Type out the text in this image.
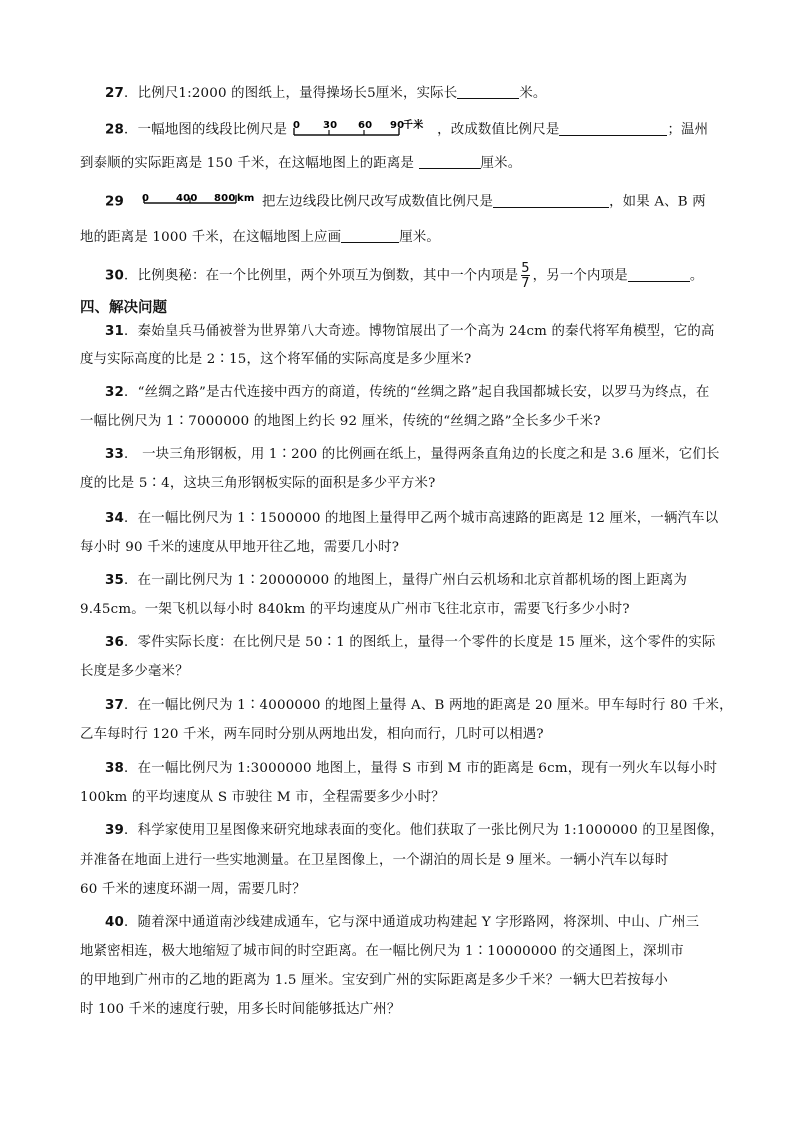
27．比例尺1:2000 的图纸上，量得操场长5厘米，实际长	米。
28．一幅地图的线段比例尺是 0 30 60 90
千米 ，改成数值比例尺是	；温州
到泰顺的实际距离是 150 千米，在这幅地图上的距离是	厘米。
29 0	400 800 km 把左边线段比例尺改写成数值比例尺是	，如果 A、B 两
地的距离是 1000 千米，在这幅地图上应画	厘米。
30．比例奥秘：在一个比例里，两个外项互为倒数，其中一个内项是 $\frac{5}{7}$ ，另一个内项是	。
四、解决问题
31．秦始皇兵马俑被誉为世界第八大奇迹。博物馆展出了一个高为 24cm 的秦代将军角模型，它的高
度与实际高度的比是 2∶15，这个将军俑的实际高度是多少厘米?
32．“丝绸之路”是古代连接中西方的商道，传统的“丝绸之路”起自我国都城长安，以罗马为终点，在
一幅比例尺为 1∶7000000 的地图上约长 92 厘米，传统的“丝绸之路”全长多少千米?
33． 一块三角形钢板，用 1∶200 的比例画在纸上，量得两条直角边的长度之和是 3.6 厘米，它们长
度的比是 5∶4，这块三角形钢板实际的面积是多少平方米?
34．在一幅比例尺为 1∶1500000 的地图上量得甲乙两个城市高速路的距离是 12 厘米，一辆汽车以
每小时 90 千米的速度从甲地开往乙地，需要几小时?
35．在一副比例尺为 1∶20000000 的地图上，量得广州白云机场和北京首都机场的图上距离为
9.45cm。一架飞机以每小时 840km 的平均速度从广州市飞往北京市，需要飞行多少小时?
36．零件实际长度：在比例尺是 50∶1 的图纸上，量得一个零件的长度是 15 厘米，这个零件的实际
长度是多少毫米？
37．在一幅比例尺为 1∶4000000 的地图上量得 A、B 两地的距离是 20 厘米。甲车每时行 80 千米，
乙车每时行 120 千米，两车同时分别从两地出发，相向而行，几时可以相遇?
38．在一幅比例尺为 1:3000000 地图上，量得 S 市到 M 市的距离是 6cm，现有一列火车以每小时
100km 的平均速度从 S 市驶往 M 市，全程需要多少小时？
39．科学家使用卫星图像来研究地球表面的变化。他们获取了一张比例尺为 1:1000000 的卫星图像，
并准备在地面上进行一些实地测量。在卫星图像上，一个湖泊的周长是 9 厘米。一辆小汽车以每时
60 千米的速度环湖一周，需要几时？
40．随着深中通道南沙线建成通车，它与深中通道成功构建起 Y 字形路网，将深圳、中山、广州三
地紧密相连，极大地缩短了城市间的时空距离。在一幅比例尺为 1∶10000000 的交通图上，深圳市
的甲地到广州市的乙地的距离为 1.5 厘米。宝安到广州的实际距离是多少千米？一辆大巴若按每小
时 100 千米的速度行驶，用多长时间能够抵达广州？
